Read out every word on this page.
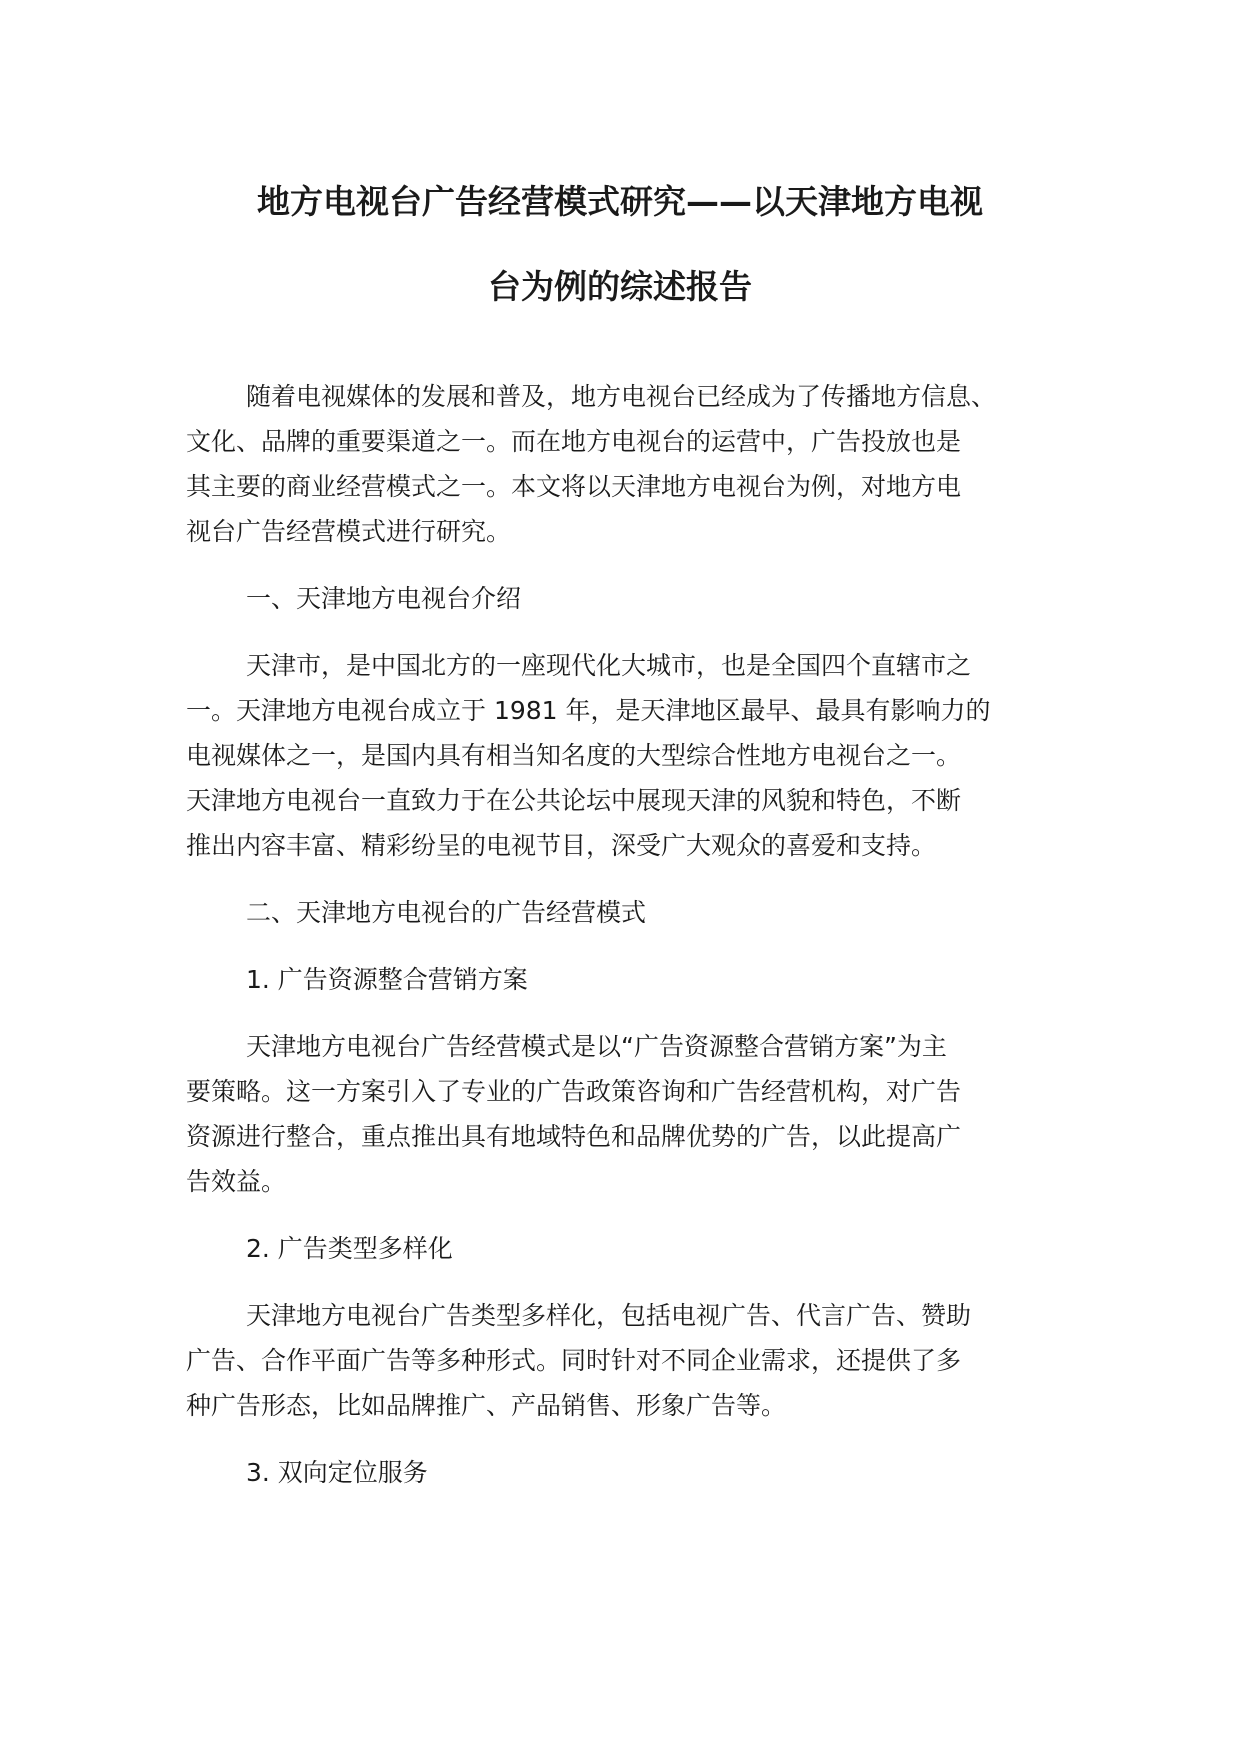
地方电视台广告经营模式研究——以天津地方电视
台为例的综述报告

随着电视媒体的发展和普及，地方电视台已经成为了传播地方信息、

文化、品牌的重要渠道之一。而在地方电视台的运营中，广告投放也是

其主要的商业经营模式之一。本文将以天津地方电视台为例，对地方电

视台广告经营模式进行研究。

一、天津地方电视台介绍

天津市，是中国北方的一座现代化大城市，也是全国四个直辖市之

一。天津地方电视台成立于 1981 年，是天津地区最早、最具有影响力的

电视媒体之一，是国内具有相当知名度的大型综合性地方电视台之一。

天津地方电视台一直致力于在公共论坛中展现天津的风貌和特色，不断

推出内容丰富、精彩纷呈的电视节目，深受广大观众的喜爱和支持。

二、天津地方电视台的广告经营模式
1. 广告资源整合营销方案

天津地方电视台广告经营模式是以“广告资源整合营销方案”为主

要策略。这一方案引入了专业的广告政策咨询和广告经营机构，对广告

资源进行整合，重点推出具有地域特色和品牌优势的广告，以此提高广

告效益。

2. 广告类型多样化

天津地方电视台广告类型多样化，包括电视广告、代言广告、赞助

广告、合作平面广告等多种形式。同时针对不同企业需求，还提供了多

种广告形态，比如品牌推广、产品销售、形象广告等。

3. 双向定位服务
